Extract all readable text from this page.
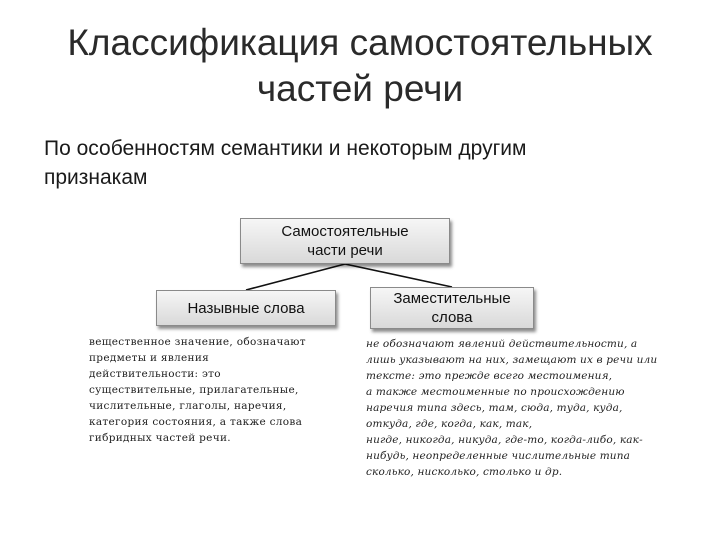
Классификация самостоятельных
частей речи
По особенностям семантики и некоторым другим
признакам
Самостоятельные
части речи
Назывные слова
Заместительные
слова
вещественное значение, обозначают
предметы и явления
действительности: это
существительные, прилагательные,
числительные, глаголы, наречия,
категория состояния, а также слова
гибридных частей речи.
не обозначают явлений действительности, а
лишь указывают на них, замещают их в речи или
тексте: это прежде всего местоимения,
а также местоименные по происхождению
наречия типа здесь, там, сюда, туда, куда,
откуда, где, когда, как, так,
нигде, никогда, никуда, где-то, когда-либо, как-
нибудь, неопределенные числительные типа
сколько, нисколько, столько и др.
